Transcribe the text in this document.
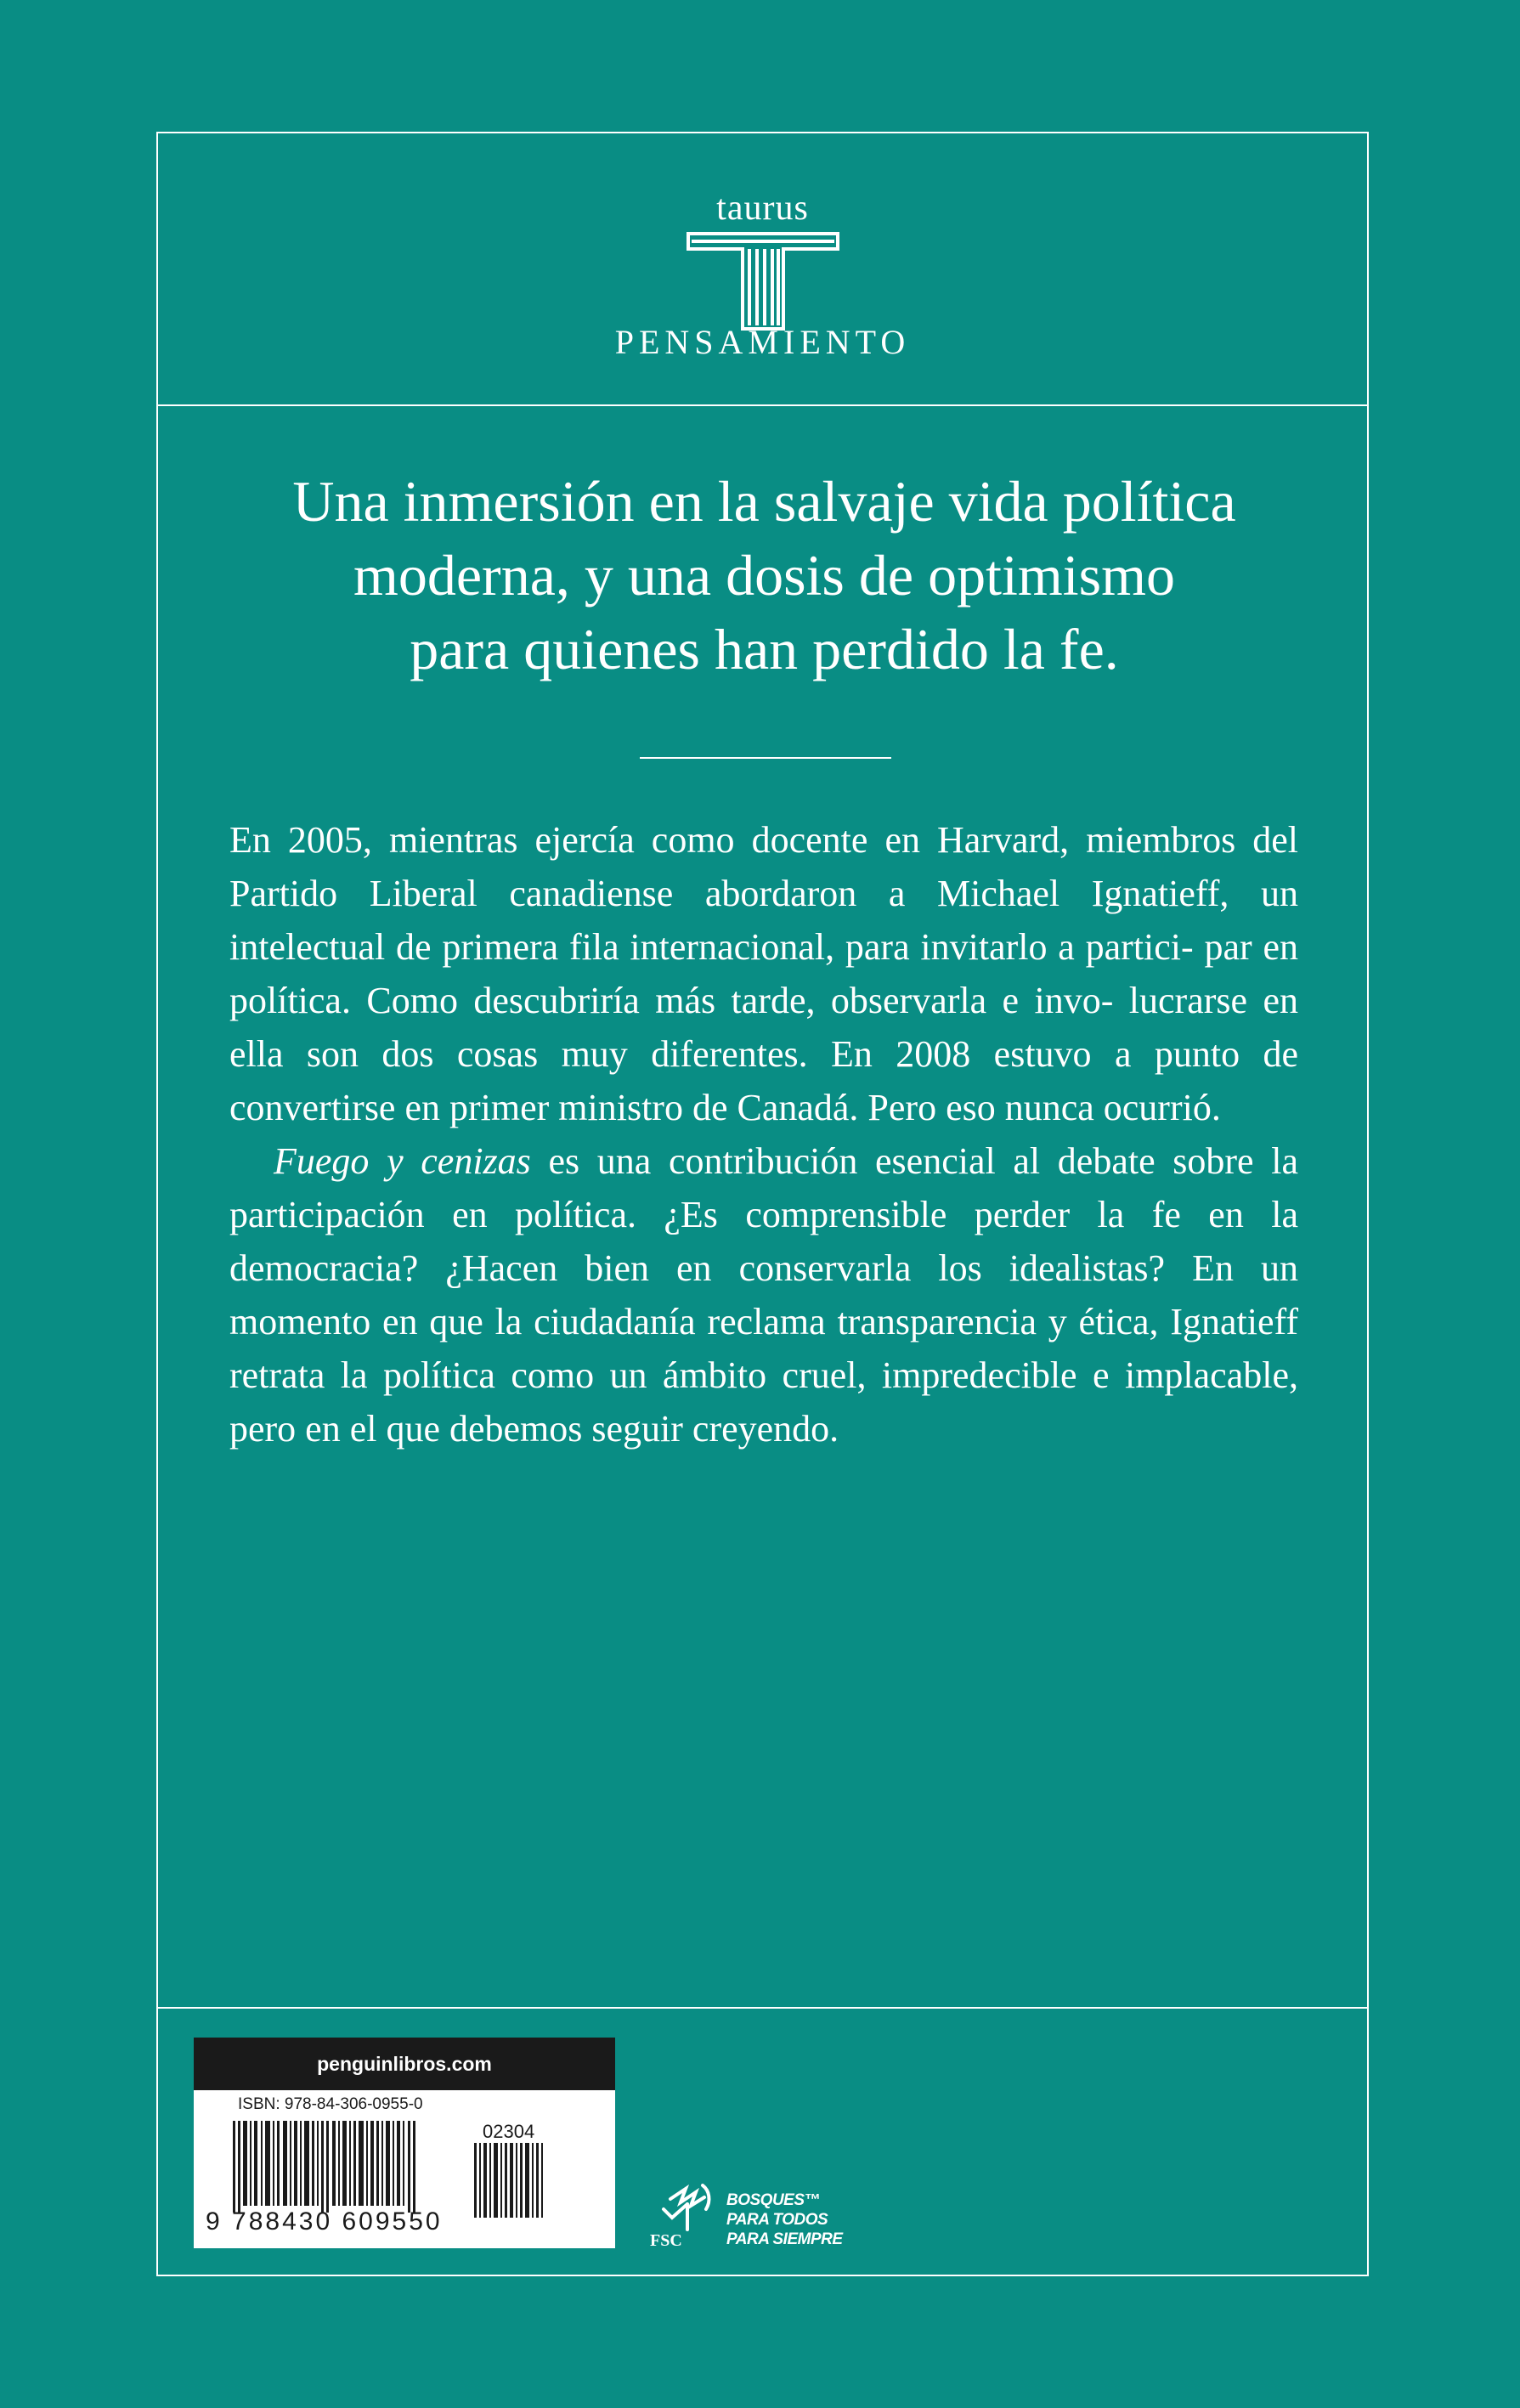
taurus
PENSAMIENTO
Una inmersión en la salvaje vida política
moderna, y una dosis de optimismo
para quienes han perdido la fe.

En 2005, mientras ejercía como docente en Harvard, miembros del Partido Liberal canadiense abordaron a Michael Ignatieff, un intelectual de primera fila internacional, para invitarlo a partici- par en política. Como descubriría más tarde, observarla e invo- lucrarse en ella son dos cosas muy diferentes. En 2008 estuvo a punto de convertirse en primer ministro de Canadá. Pero eso nunca ocurrió.

Fuego y cenizas es una contribución esencial al debate sobre la participación en política. ¿Es comprensible perder la fe en la democracia? ¿Hacen bien en conservarla los idealistas? En un momento en que la ciudadanía reclama transparencia y ética, Ignatieff retrata la política como un ámbito cruel, impredecible e implacable, pero en el que debemos seguir creyendo.

penguinlibros.com
ISBN: 978-84-306-0955-0
02304
9 788430 609550
FSC
BOSQUES™
PARA TODOS
PARA SIEMPRE
